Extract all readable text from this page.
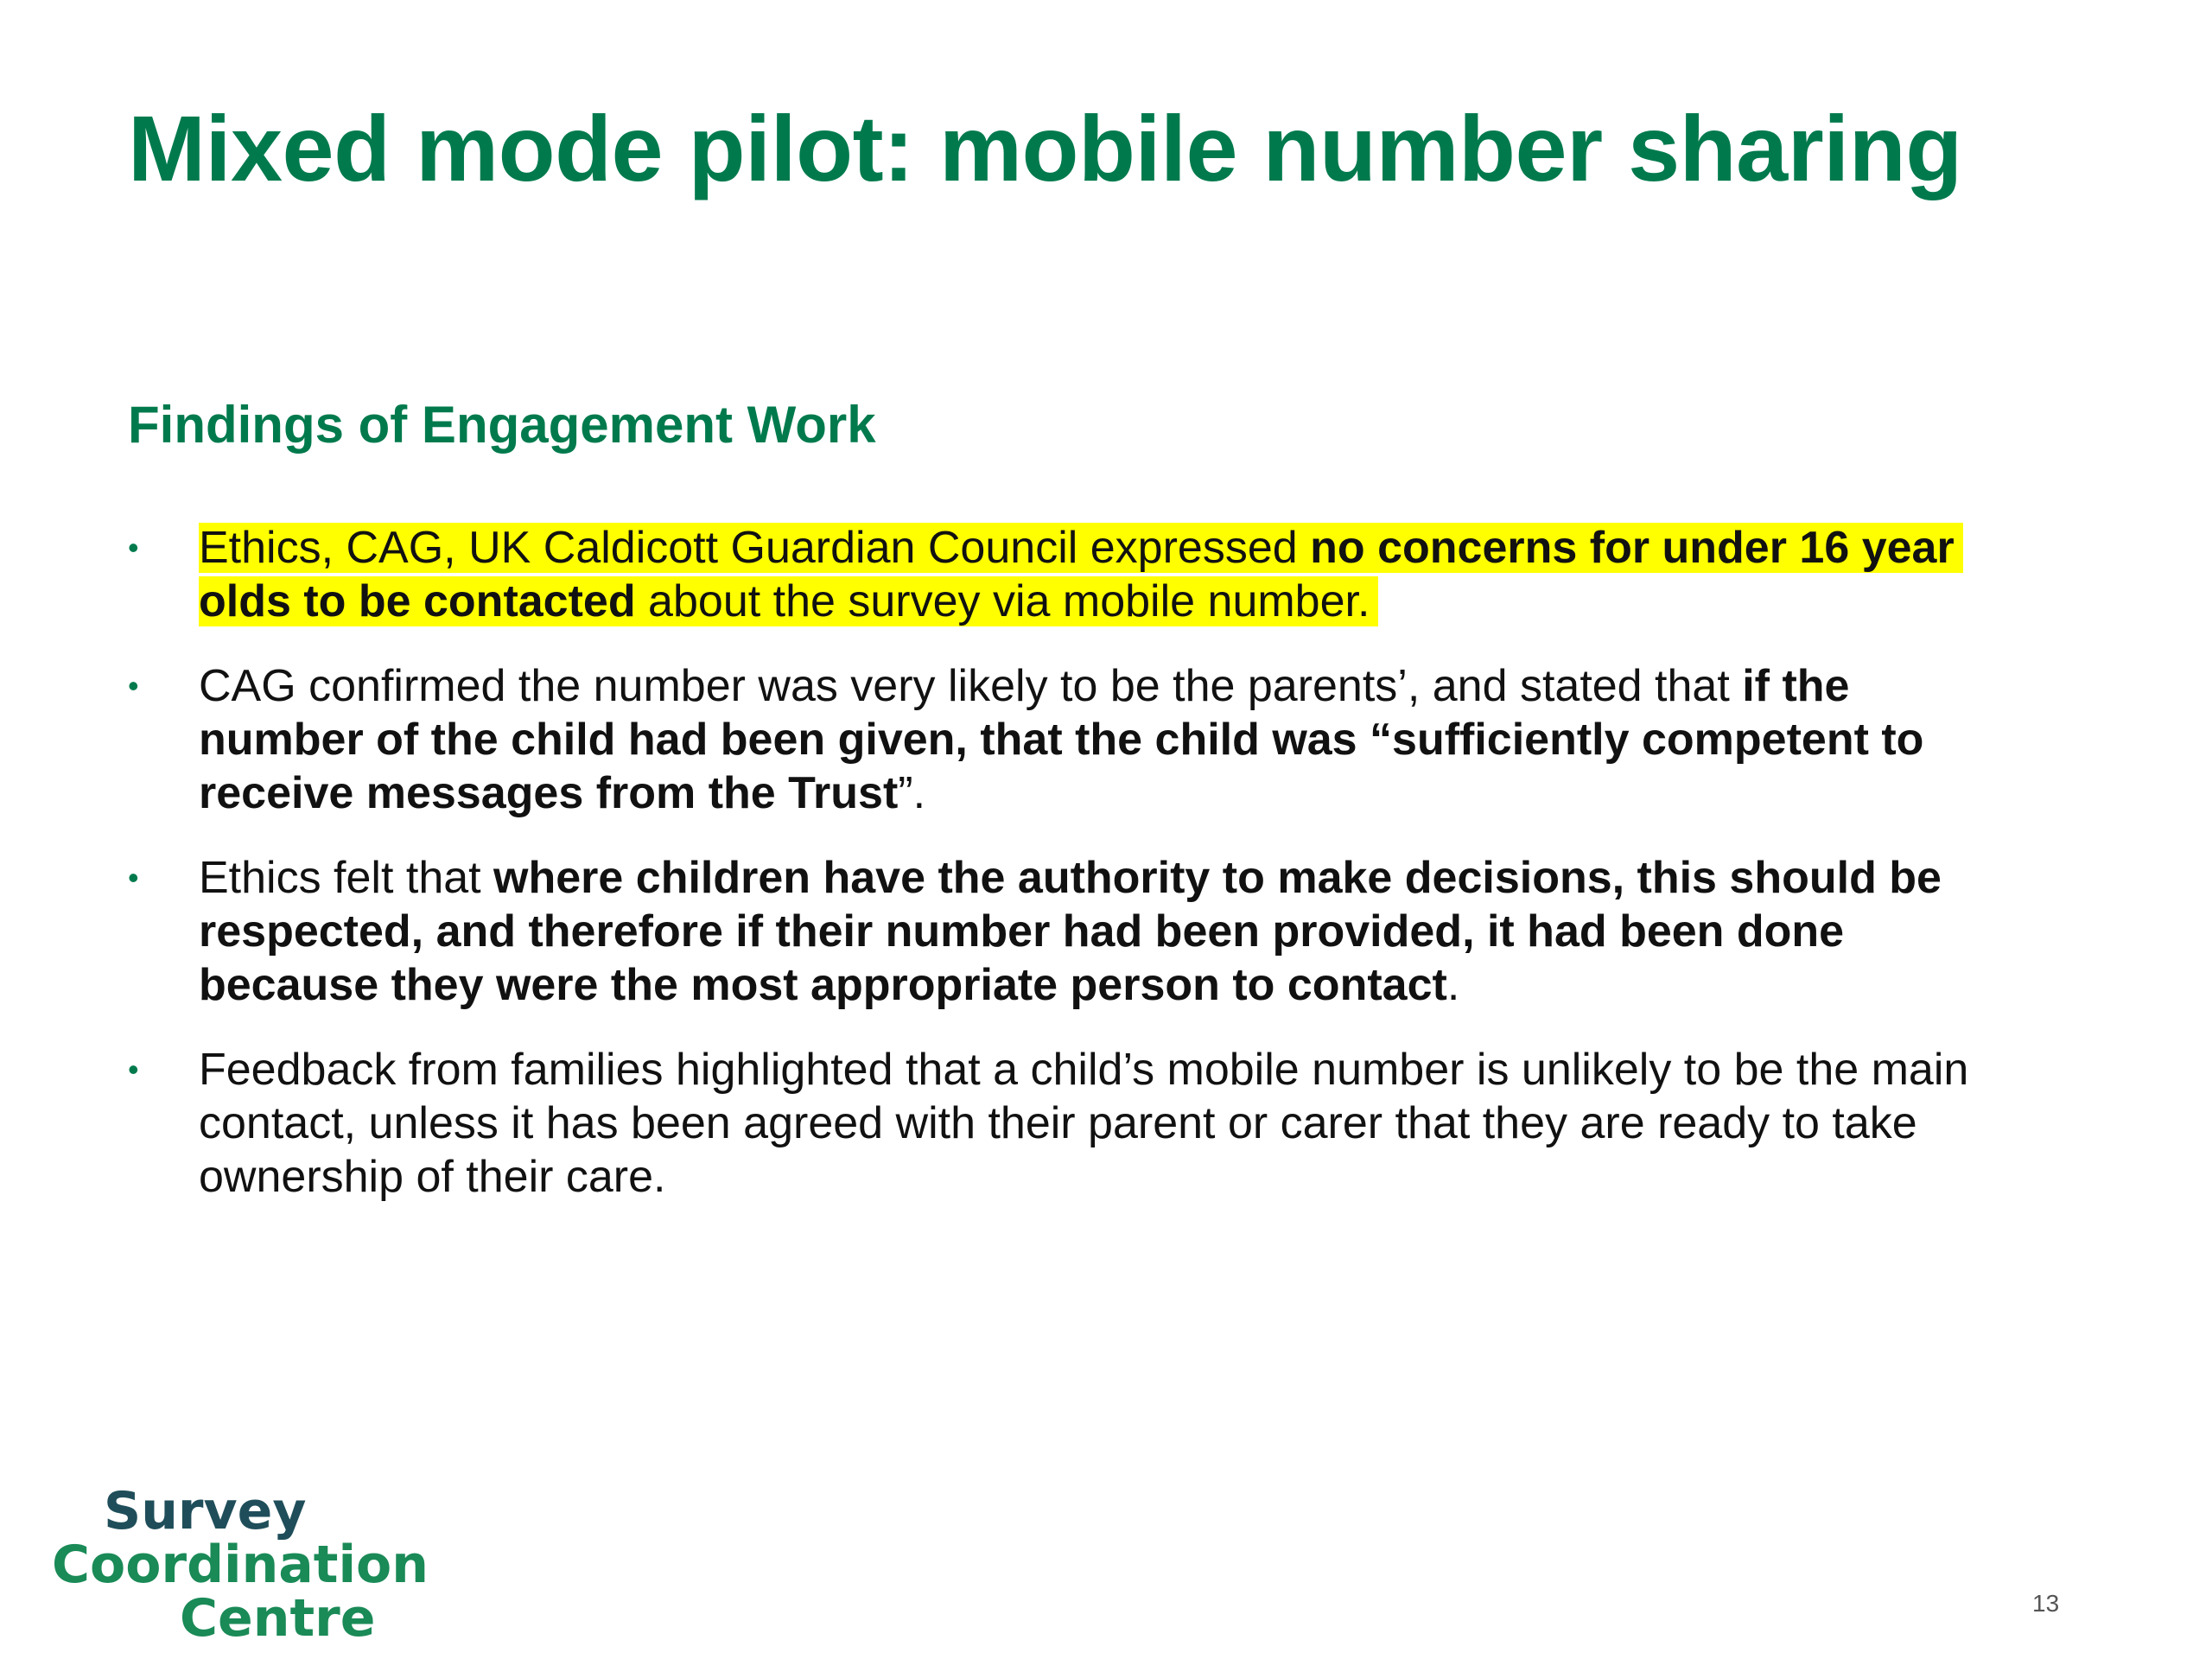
Mixed mode pilot: mobile number sharing
Findings of Engagement Work
• Ethics, CAG, UK Caldicott Guardian Council expressed no concerns for under 16 year olds to be contacted about the survey via mobile number.
• CAG confirmed the number was very likely to be the parents’, and stated that if the number of the child had been given, that the child was “sufficiently competent to receive messages from the Trust”.
• Ethics felt that where children have the authority to make decisions, this should be respected, and therefore if their number had been provided, it had been done because they were the most appropriate person to contact.
• Feedback from families highlighted that a child’s mobile number is unlikely to be the main contact, unless it has been agreed with their parent or carer that they are ready to take ownership of their care.
Survey
Coordination
Centre	13
